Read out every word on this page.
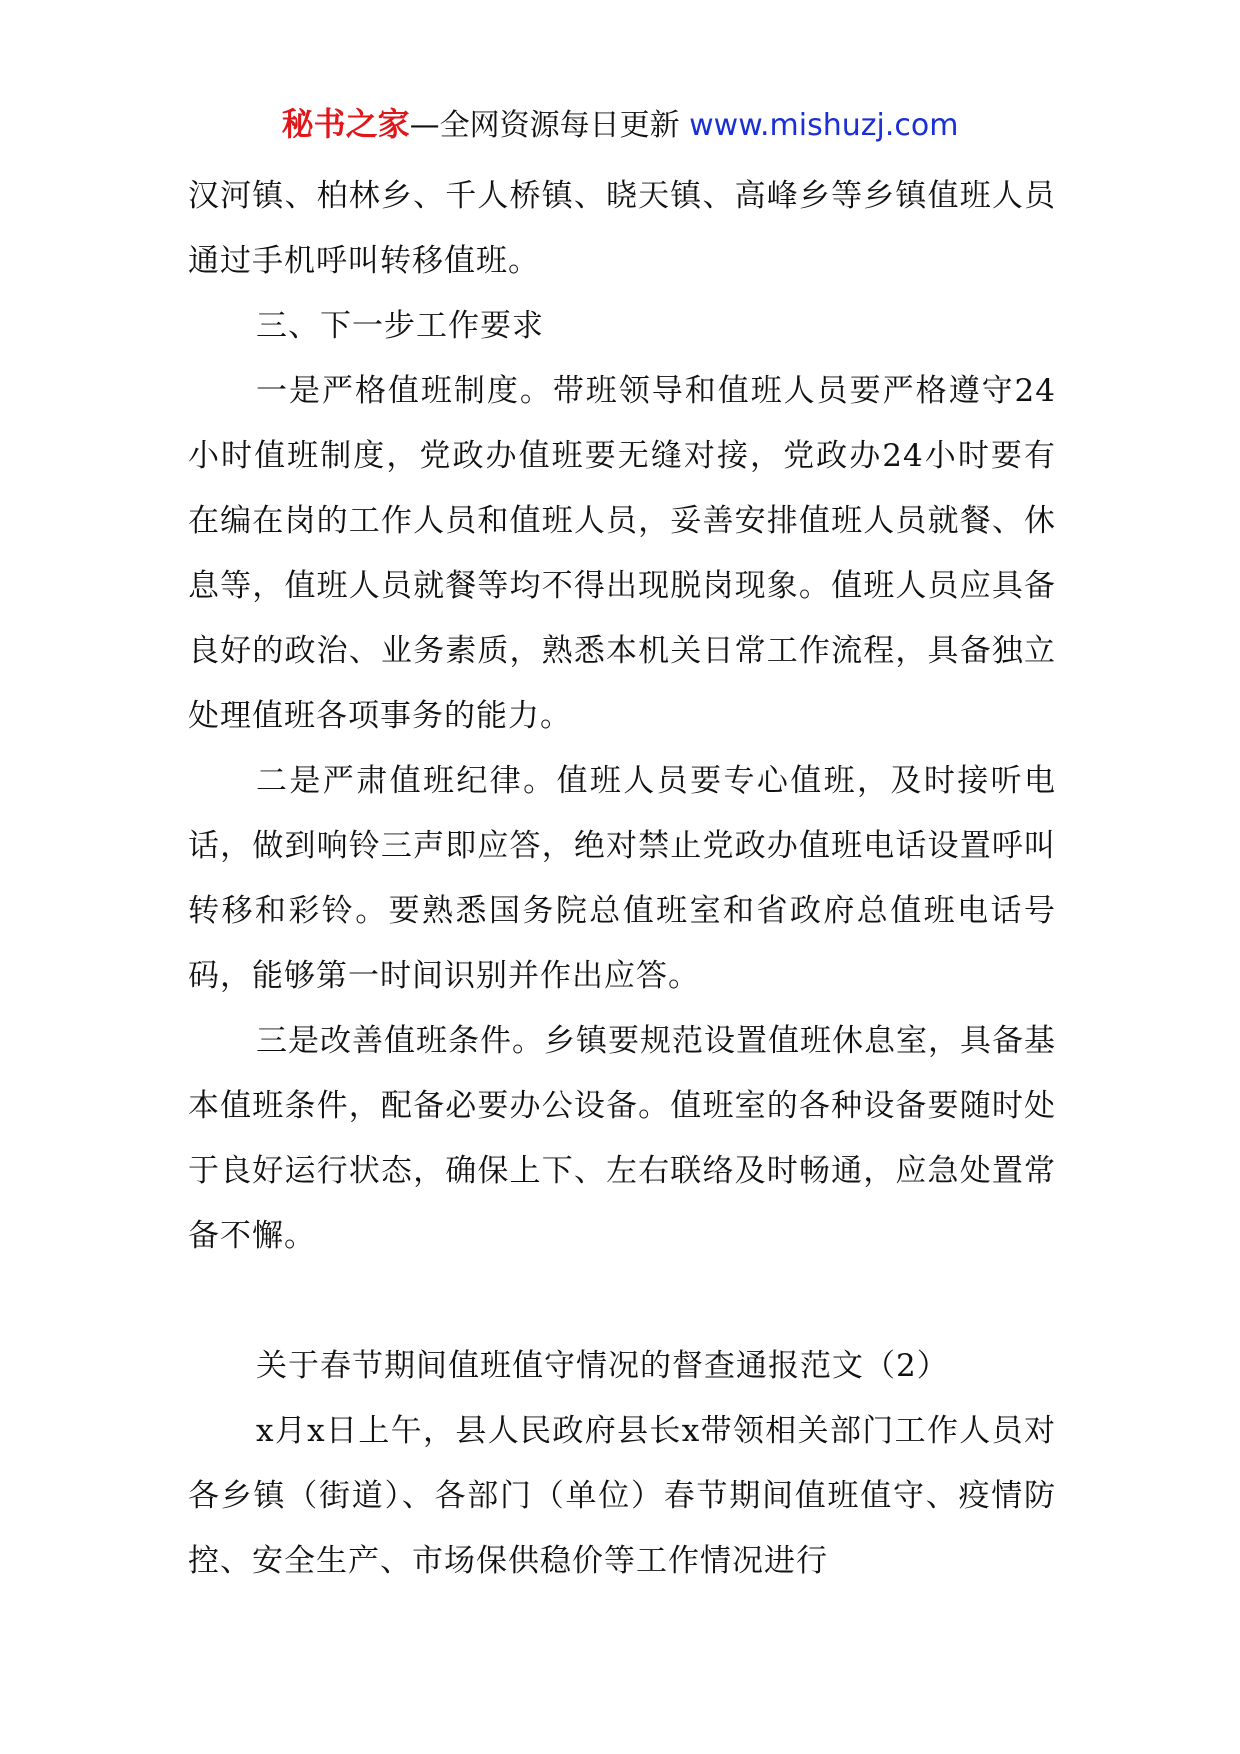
秘书之家—全网资源每日更新 www.mishuzj.com

汉河镇、柏林乡、千人桥镇、晓天镇、高峰乡等乡镇值班人员通过手机呼叫转移值班。

三、下一步工作要求

一是严格值班制度。带班领导和值班人员要严格遵守24小时值班制度，党政办值班要无缝对接，党政办24小时要有在编在岗的工作人员和值班人员，妥善安排值班人员就餐、休息等，值班人员就餐等均不得出现脱岗现象。值班人员应具备良好的政治、业务素质，熟悉本机关日常工作流程，具备独立处理值班各项事务的能力。

二是严肃值班纪律。值班人员要专心值班，及时接听电话，做到响铃三声即应答，绝对禁止党政办值班电话设置呼叫转移和彩铃。要熟悉国务院总值班室和省政府总值班电话号码，能够第一时间识别并作出应答。

三是改善值班条件。乡镇要规范设置值班休息室，具备基本值班条件，配备必要办公设备。值班室的各种设备要随时处于良好运行状态，确保上下、左右联络及时畅通，应急处置常备不懈。

关于春节期间值班值守情况的督查通报范文（2）

x月x日上午，县人民政府县长x带领相关部门工作人员对各乡镇（街道）、各部门（单位）春节期间值班值守、疫情防控、安全生产、市场保供稳价等工作情况进行
